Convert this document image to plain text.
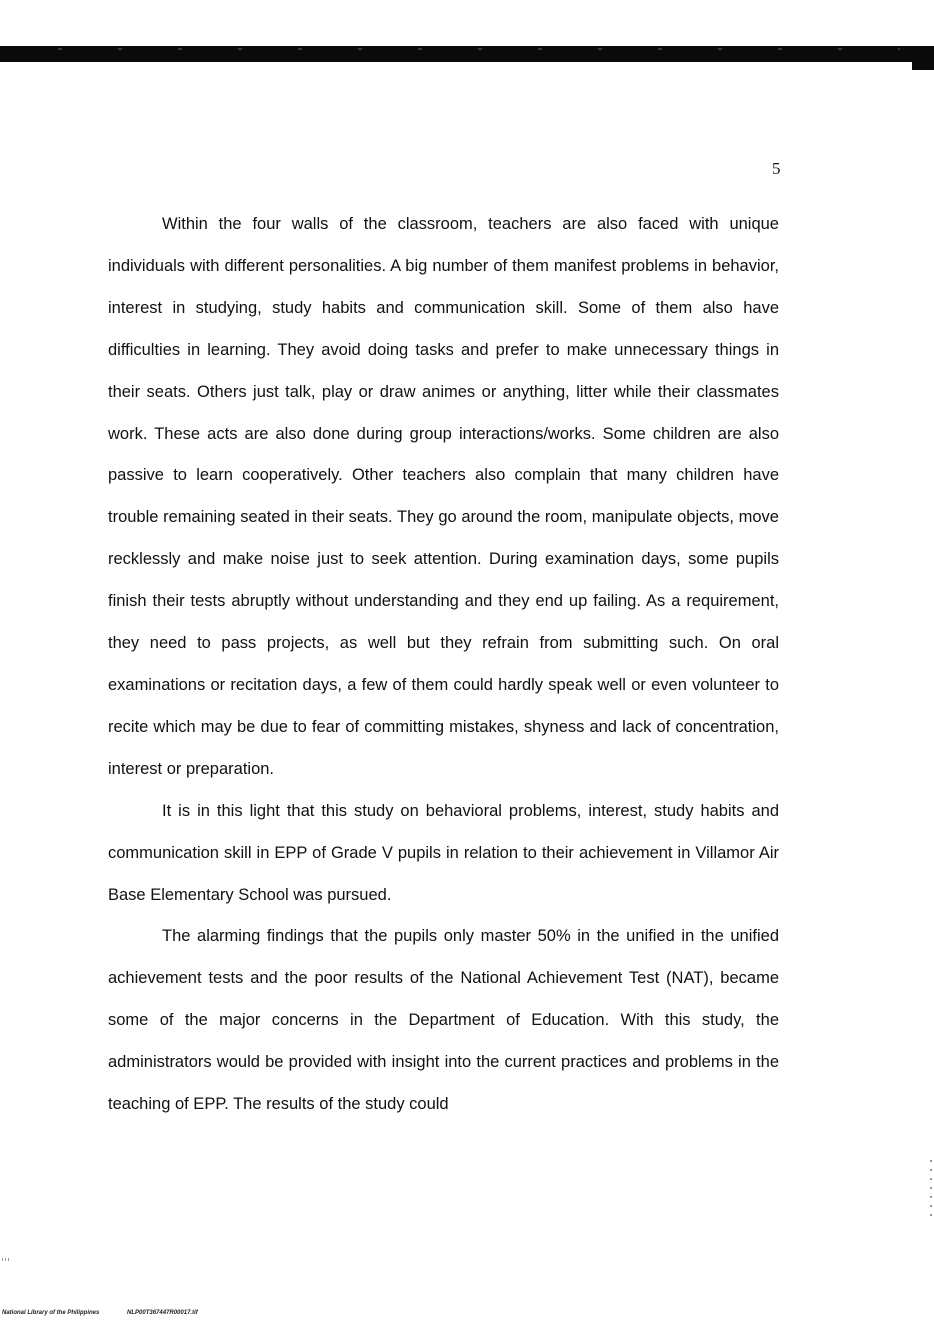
5

Within the four walls of the classroom, teachers are also faced with unique individuals with different personalities. A big number of them manifest problems in behavior, interest in studying, study habits and communication skill. Some of them also have difficulties in learning. They avoid doing tasks and prefer to make unnecessary things in their seats. Others just talk, play or draw animes or anything, litter while their classmates work. These acts are also done during group interactions/works. Some children are also passive to learn cooperatively. Other teachers also complain that many children have trouble remaining seated in their seats. They go around the room, manipulate objects, move recklessly and make noise just to seek attention. During examination days, some pupils finish their tests abruptly without understanding and they end up failing. As a requirement, they need to pass projects, as well but they refrain from submitting such. On oral examinations or recitation days, a few of them could hardly speak well or even volunteer to recite which may be due to fear of committing mistakes, shyness and lack of concentration, interest or preparation.

It is in this light that this study on behavioral problems, interest, study habits and communication skill in EPP of Grade V pupils in relation to their achievement in Villamor Air Base Elementary School was pursued.

The alarming findings that the pupils only master 50% in the unified in the unified achievement tests and the poor results of the National Achievement Test (NAT), became some of the major concerns in the Department of Education. With this study, the administrators would be provided with insight into the current practices and problems in the teaching of EPP. The results of the study could

National Library of the Philippines	NLP00T367447R00017.tif
